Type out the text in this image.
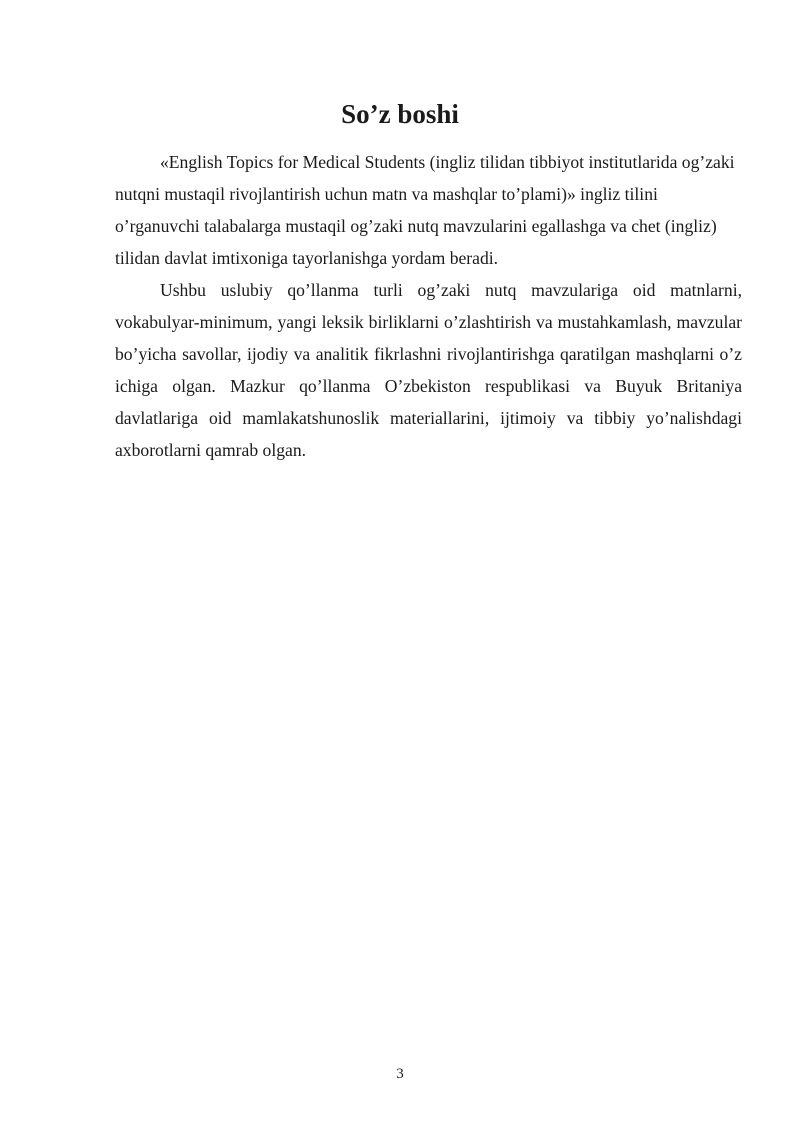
So’z boshi

«English Topics for Medical Students (ingliz tilidan tibbiyot institutlarida og’zaki nutqni mustaqil rivojlantirish uchun matn va mashqlar to’plami)» ingliz tilini o’rganuvchi talabalarga mustaqil og’zaki nutq mavzularini egallashga va chet (ingliz) tilidan davlat imtixoniga tayorlanishga yordam beradi.

Ushbu uslubiy qo’llanma turli og’zaki nutq mavzulariga oid matnlarni, vokabulyar-minimum, yangi leksik birliklarni o’zlashtirish va mustahkamlash, mavzular bo’yicha savollar, ijodiy va analitik fikrlashni rivojlantirishga qaratilgan mashqlarni o’z ichiga olgan. Mazkur qo’llanma O’zbekiston respublikasi va Buyuk Britaniya davlatlariga oid mamlakatshunoslik materiallarini, ijtimoiy va tibbiy yo’nalishdagi axborotlarni qamrab olgan.

3
